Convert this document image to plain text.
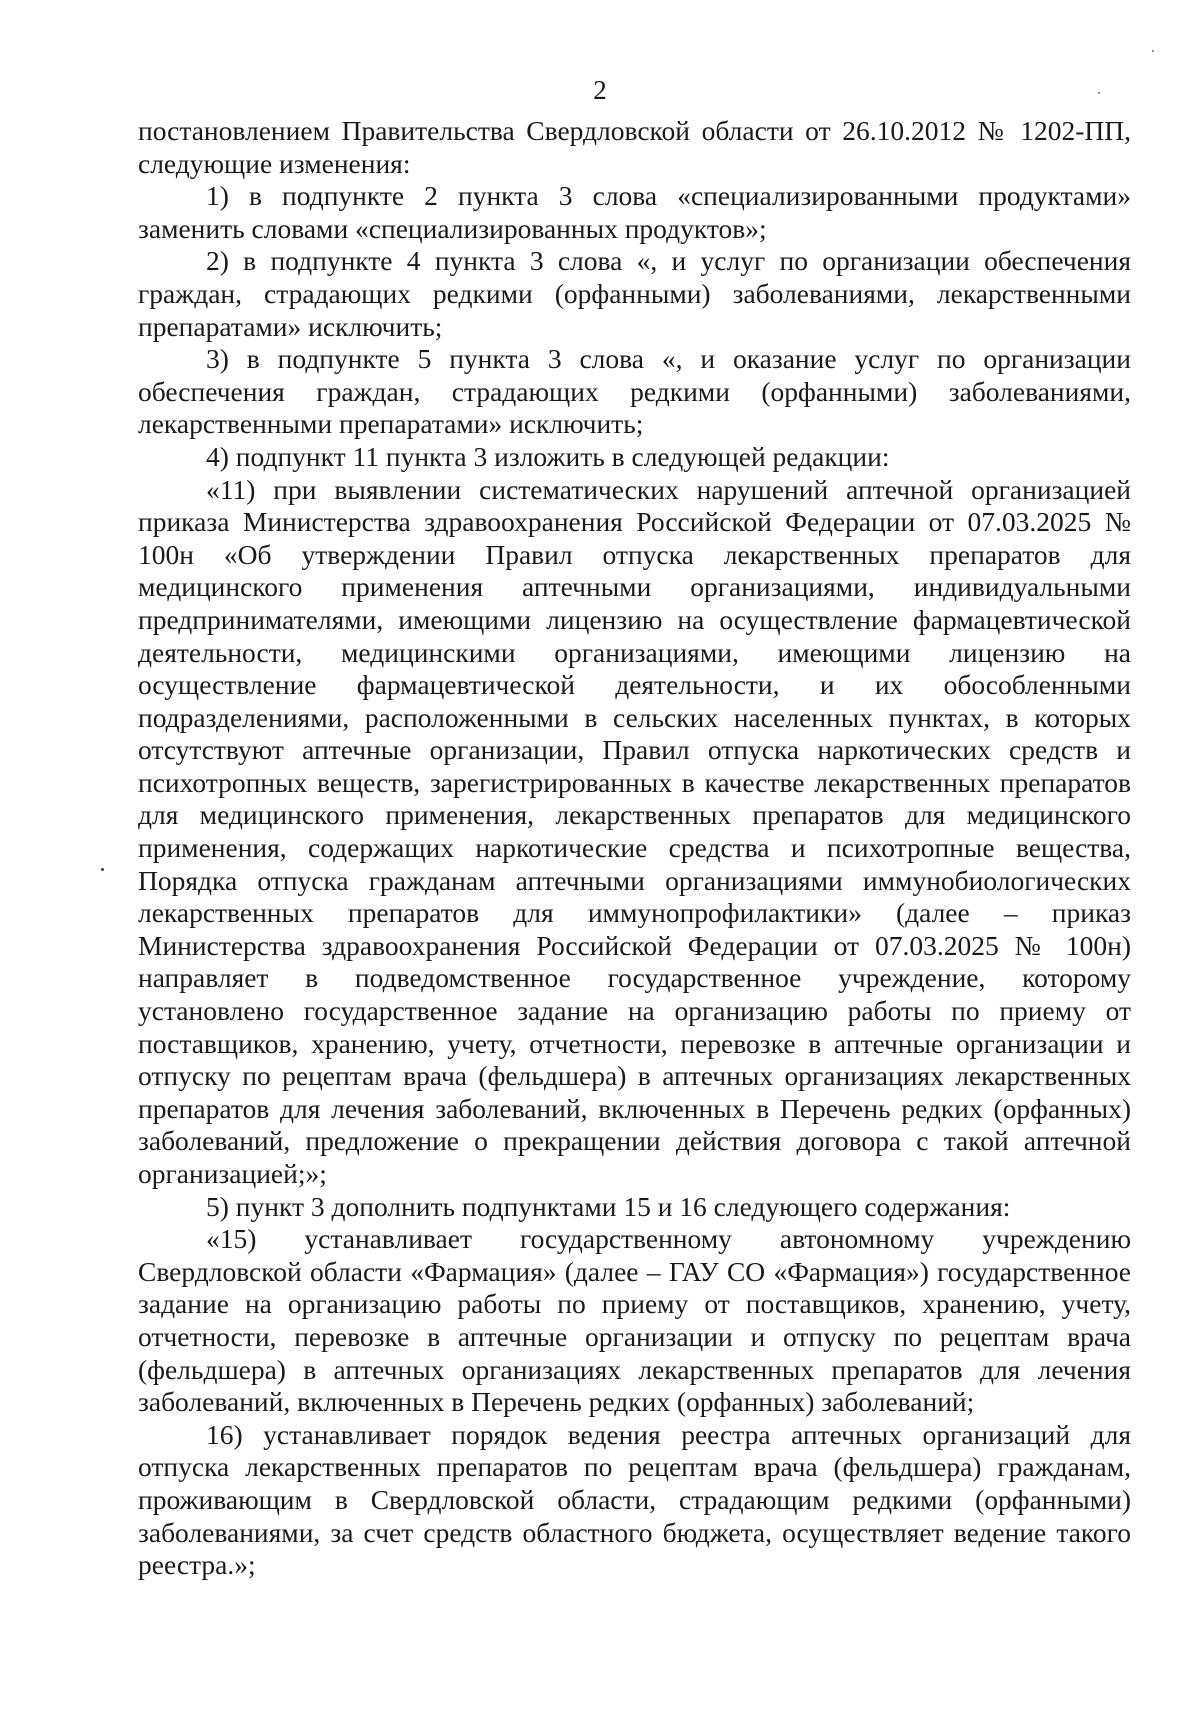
2

постановлением Правительства Свердловской области от 26.10.2012 № 1202-ПП, следующие изменения:

1) в подпункте 2 пункта 3 слова «специализированными продуктами» заменить словами «специализированных продуктов»;

2) в подпункте 4 пункта 3 слова «, и услуг по организации обеспечения граждан, страдающих редкими (орфанными) заболеваниями, лекарственными препаратами» исключить;

3) в подпункте 5 пункта 3 слова «, и оказание услуг по организации обеспечения граждан, страдающих редкими (орфанными) заболеваниями, лекарственными препаратами» исключить;

4) подпункт 11 пункта 3 изложить в следующей редакции:

«11) при выявлении систематических нарушений аптечной организацией приказа Министерства здравоохранения Российской Федерации от 07.03.2025 № 100н «Об утверждении Правил отпуска лекарственных препаратов для медицинского применения аптечными организациями, индивидуальными предпринимателями, имеющими лицензию на осуществление фармацевтической деятельности, медицинскими организациями, имеющими лицензию на осуществление фармацевтической деятельности, и их обособленными подразделениями, расположенными в сельских населенных пунктах, в которых отсутствуют аптечные организации, Правил отпуска наркотических средств и психотропных веществ, зарегистрированных в качестве лекарственных препаратов для медицинского применения, лекарственных препаратов для медицинского применения, содержащих наркотические средства и психотропные вещества, Порядка отпуска гражданам аптечными организациями иммунобиологических лекарственных препаратов для иммунопрофилактики» (далее – приказ Министерства здравоохранения Российской Федерации от 07.03.2025 № 100н) направляет в подведомственное государственное учреждение, которому установлено государственное задание на организацию работы по приему от поставщиков, хранению, учету, отчетности, перевозке в аптечные организации и отпуску по рецептам врача (фельдшера) в аптечных организациях лекарственных препаратов для лечения заболеваний, включенных в Перечень редких (орфанных) заболеваний, предложение о прекращении действия договора с такой аптечной организацией;»;

5) пункт 3 дополнить подпунктами 15 и 16 следующего содержания:

«15) устанавливает государственному автономному учреждению Свердловской области «Фармация» (далее – ГАУ СО «Фармация») государственное задание на организацию работы по приему от поставщиков, хранению, учету, отчетности, перевозке в аптечные организации и отпуску по рецептам врача (фельдшера) в аптечных организациях лекарственных препаратов для лечения заболеваний, включенных в Перечень редких (орфанных) заболеваний;

16) устанавливает порядок ведения реестра аптечных организаций для отпуска лекарственных препаратов по рецептам врача (фельдшера) гражданам, проживающим в Свердловской области, страдающим редкими (орфанными) заболеваниями, за счет средств областного бюджета, осуществляет ведение такого реестра.»;
